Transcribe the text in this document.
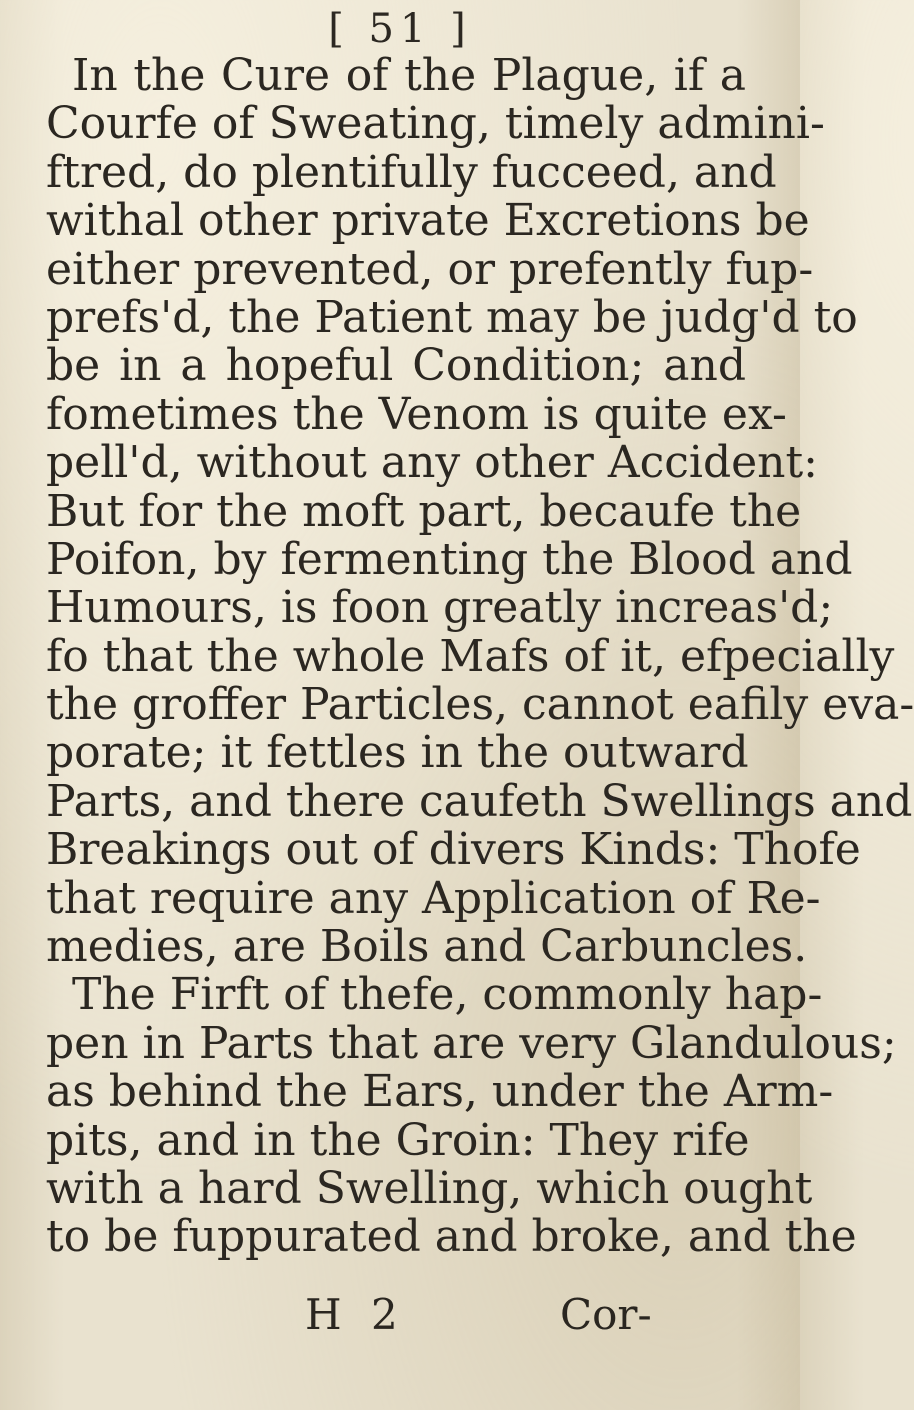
[ 51 ]
In the Cure of the Plague, if a
Courfe of Sweating, timely admini-
ftred, do plentifully fucceed, and
withal other private Excretions be
either prevented, or prefently fup-
prefs'd, the Patient may be judg'd to
be in a hopeful Condition; and
fometimes the Venom is quite ex-
pell'd, without any other Accident:
But for the moft part, becaufe the
Poifon, by fermenting the Blood and
Humours, is foon greatly increas'd;
fo that the whole Mafs of it, efpecially
the groffer Particles, cannot eafily eva-
porate; it fettles in the outward
Parts, and there caufeth Swellings and
Breakings out of divers Kinds: Thofe
that require any Application of Re-
medies, are Boils and Carbuncles.
The Firft of thefe, commonly hap-
pen in Parts that are very Glandulous;
as behind the Ears, under the Arm-
pits, and in the Groin: They rife
with a hard Swelling, which ought
to be fuppurated and broke, and the
H 2	Cor-
